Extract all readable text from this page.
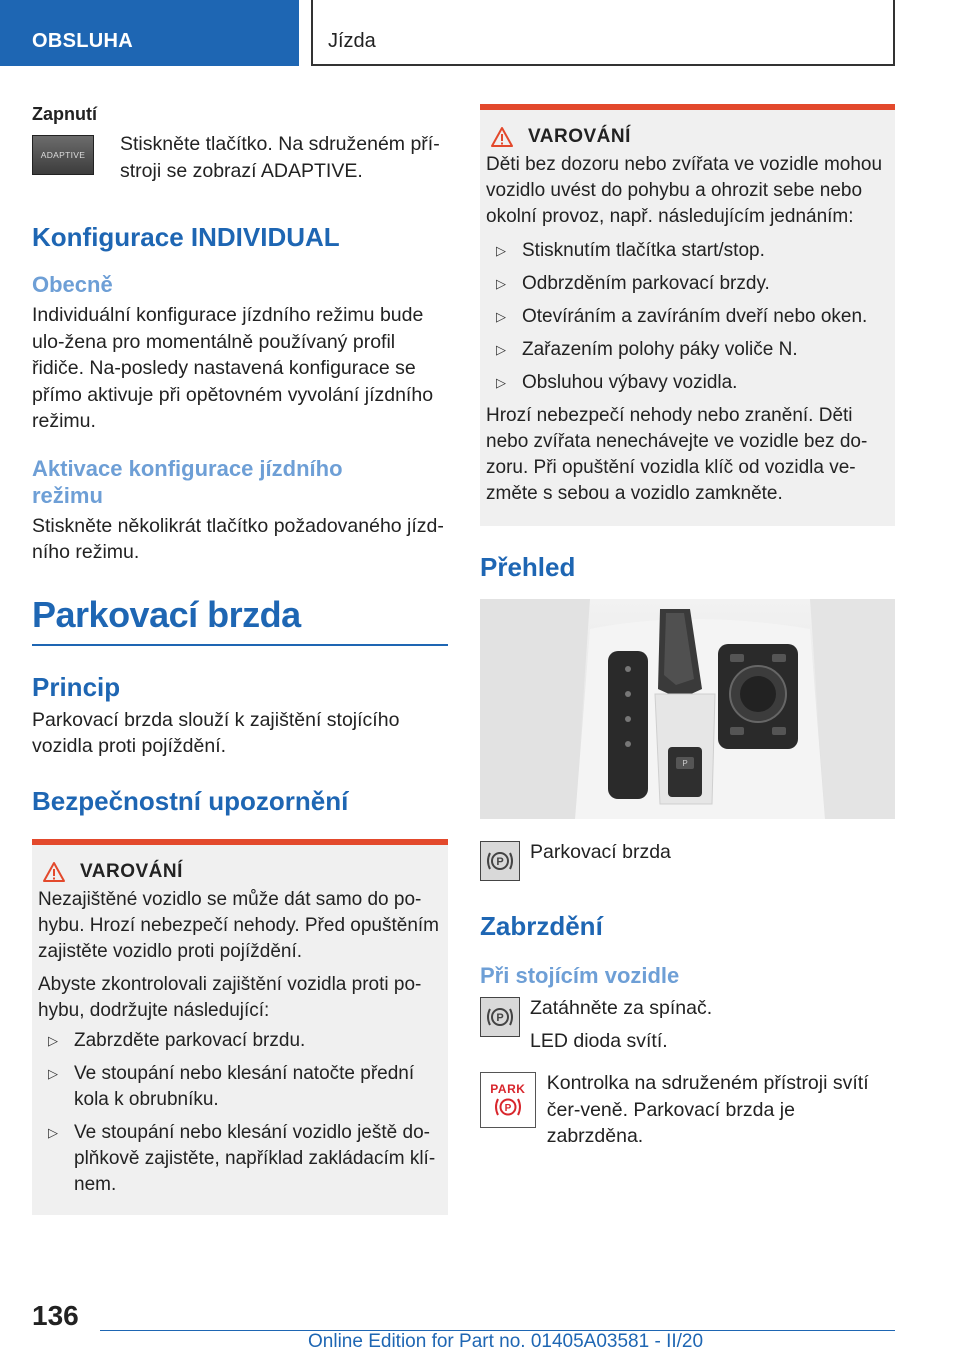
OBSLUHA	Jízda
Zapnutí
ADAPTIVE Stiskněte tlačítko. Na sdruženém pří-stroji se zobrazí ADAPTIVE.

Konfigurace INDIVIDUAL
Obecně

Individuální konfigurace jízdního režimu bude ulo-žena pro momentálně používaný profil řidiče. Na-posledy nastavená konfigurace se přímo aktivuje při opětovném vyvolání jízdního režimu.

Aktivace konfigurace jízdního režimu

Stiskněte několikrát tlačítko požadovaného jízd-ního režimu.

Parkovací brzda
Princip

Parkovací brzda slouží k zajištění stojícího vozidla proti pojíždění.

Bezpečnostní upozornění
VAROVÁNÍ

Nezajištěné vozidlo se může dát samo do po-hybu. Hrozí nebezpečí nehody. Před opuštěním zajistěte vozidlo proti pojíždění.

Abyste zkontrolovali zajištění vozidla proti po-hybu, dodržujte následující:

▷ Zabrzděte parkovací brzdu.
▷ Ve stoupání nebo klesání natočte přední kola k obrubníku.
▷ Ve stoupání nebo klesání vozidlo ještě do-plňkově zajistěte, například zakládacím klí-nem.
VAROVÁNÍ

Děti bez dozoru nebo zvířata ve vozidle mohou vozidlo uvést do pohybu a ohrozit sebe nebo okolní provoz, např. následujícím jednáním:

▷ Stisknutím tlačítka start/stop.
▷ Odbrzděním parkovací brzdy.
▷ Otevíráním a zavíráním dveří nebo oken.
▷ Zařazením polohy páky voliče N.
▷ Obsluhou výbavy vozidla.

Hrozí nebezpečí nehody nebo zranění. Děti nebo zvířata nenechávejte ve vozidle bez do-zoru. Při opuštění vozidla klíč od vozidla ve-změte s sebou a vozidlo zamkněte.

Přehled
P
P Parkovací brzda

Zabrzdění
Při stojícím vozidle
P Zatáhněte za spínač.

LED dioda svítí.

PARK
P

Kontrolka na sdruženém přístroji svítí čer-veně. Parkovací brzda je zabrzděna.

136
Online Edition for Part no. 01405A03581 - II/20
